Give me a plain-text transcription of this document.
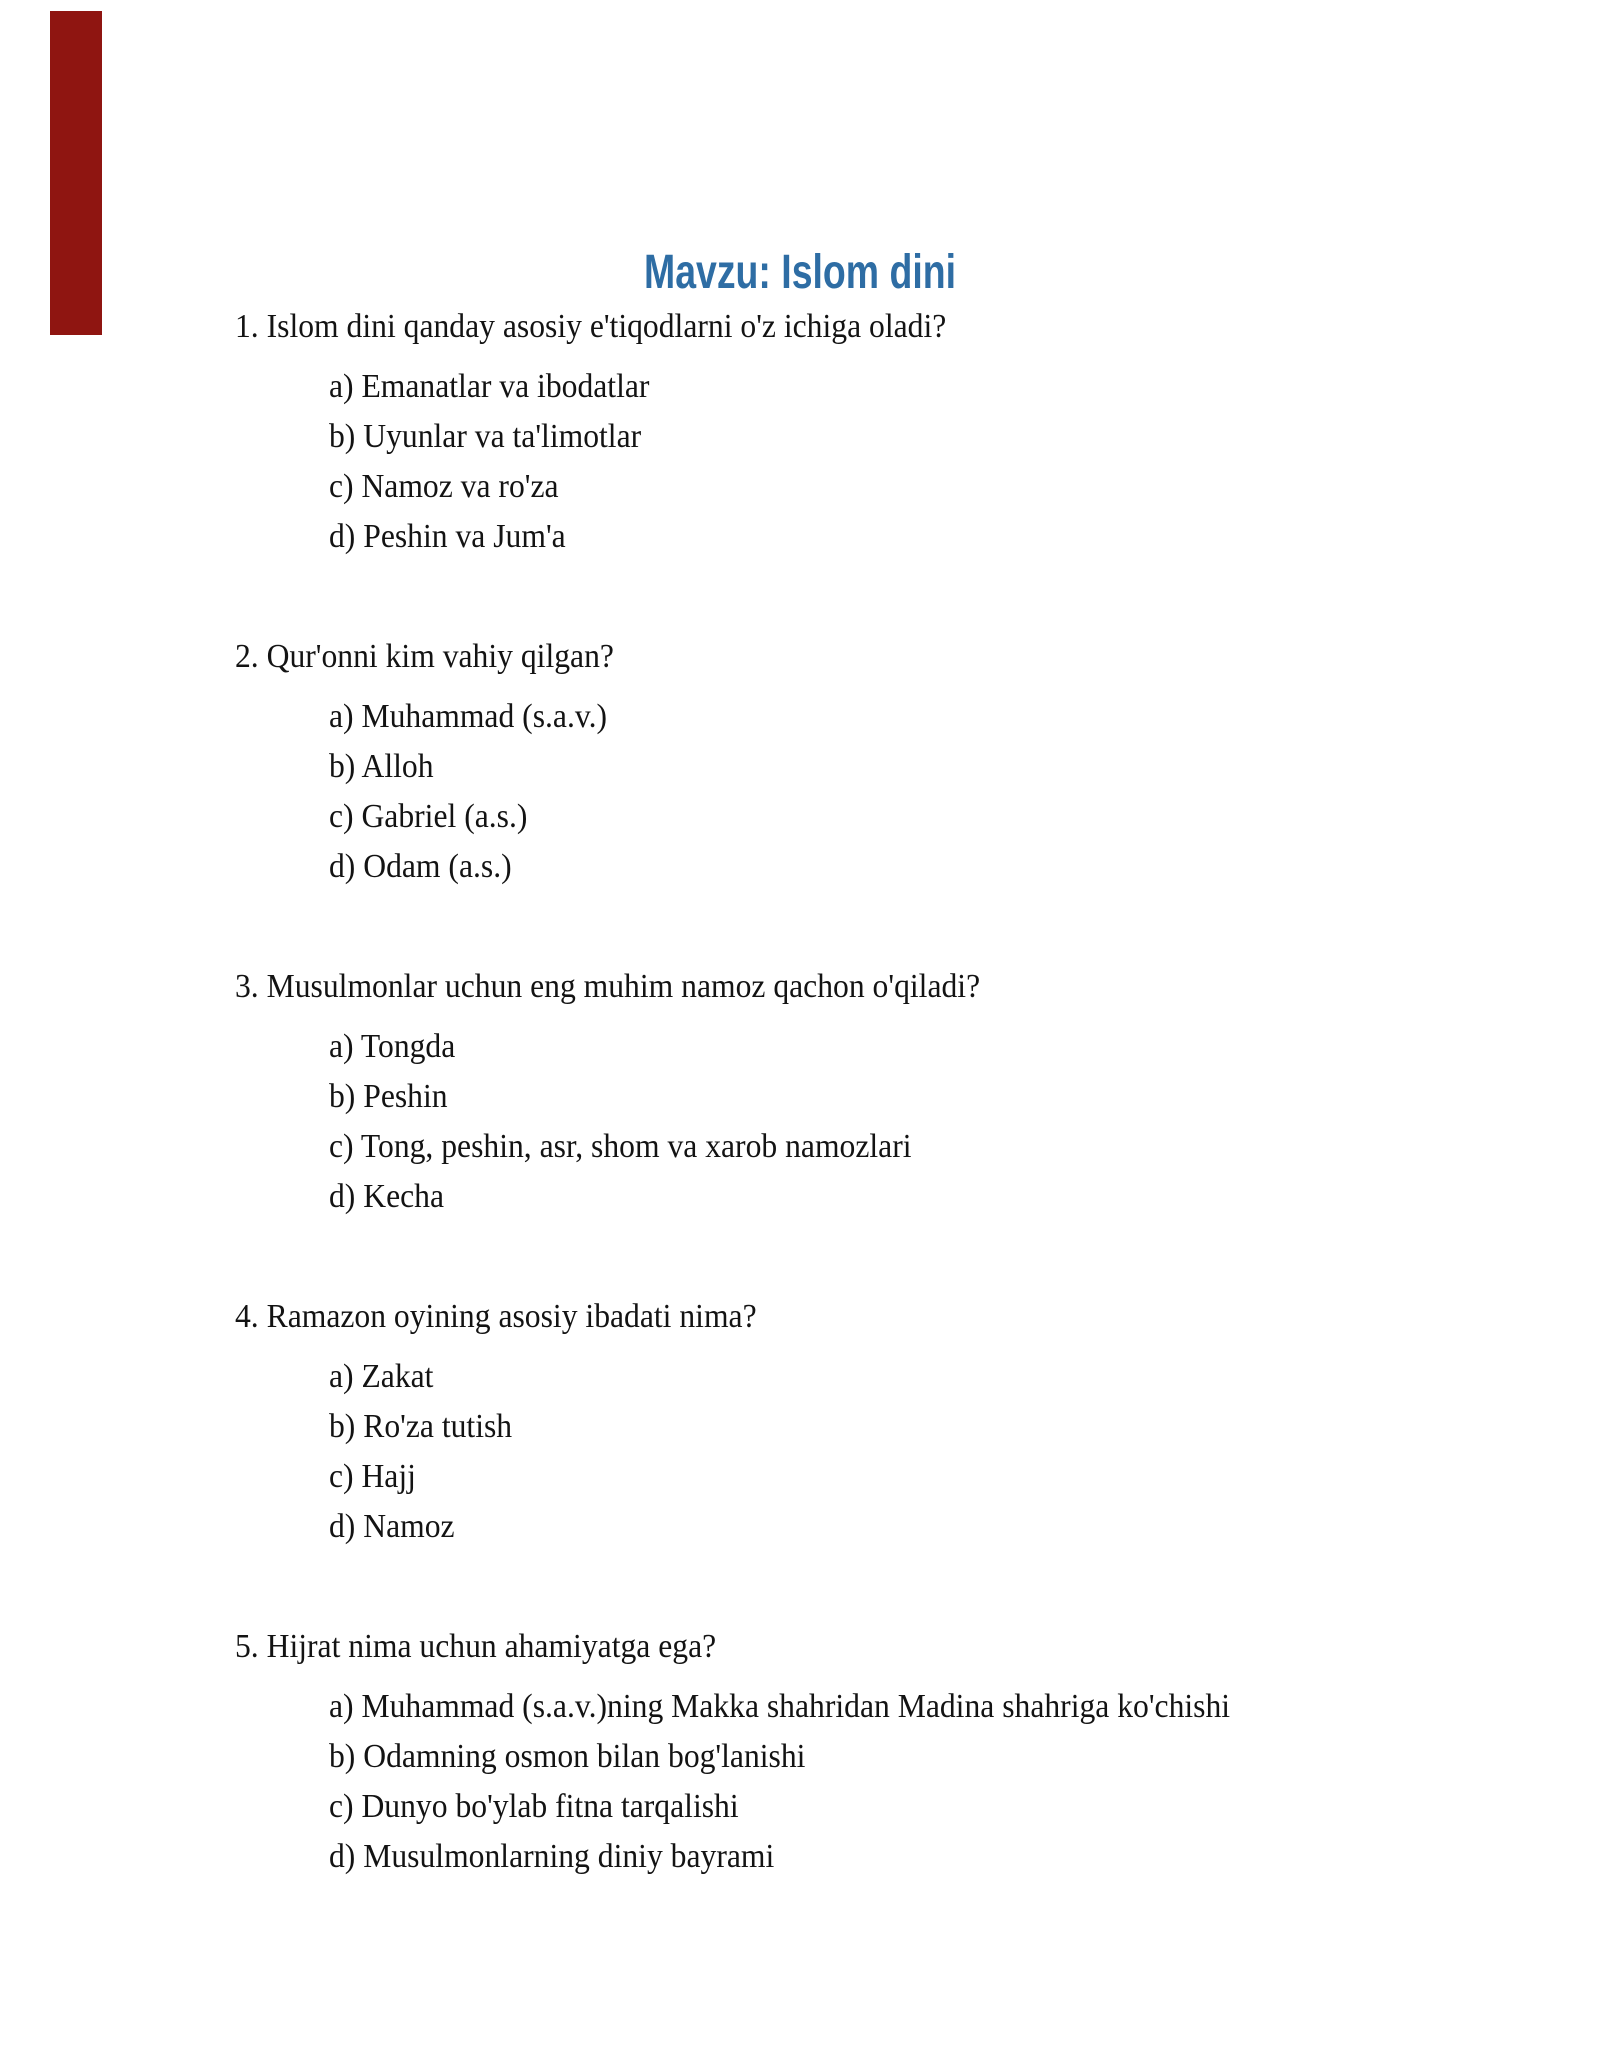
Mavzu: Islom dini
1. Islom dini qanday asosiy e'tiqodlarni o'z ichiga oladi?
a) Emanatlar va ibodatlar
b) Uyunlar va ta'limotlar
c) Namoz va ro'za
d) Peshin va Jum'a
2. Qur'onni kim vahiy qilgan?
a) Muhammad (s.a.v.)
b) Alloh
c) Gabriel (a.s.)
d) Odam (a.s.)
3. Musulmonlar uchun eng muhim namoz qachon o'qiladi?
a) Tongda
b) Peshin
c) Tong, peshin, asr, shom va xarob namozlari
d) Kecha
4. Ramazon oyining asosiy ibadati nima?
a) Zakat
b) Ro'za tutish
c) Hajj
d) Namoz
5. Hijrat nima uchun ahamiyatga ega?
a) Muhammad (s.a.v.)ning Makka shahridan Madina shahriga ko'chishi
b) Odamning osmon bilan bog'lanishi
c) Dunyo bo'ylab fitna tarqalishi
d) Musulmonlarning diniy bayrami
